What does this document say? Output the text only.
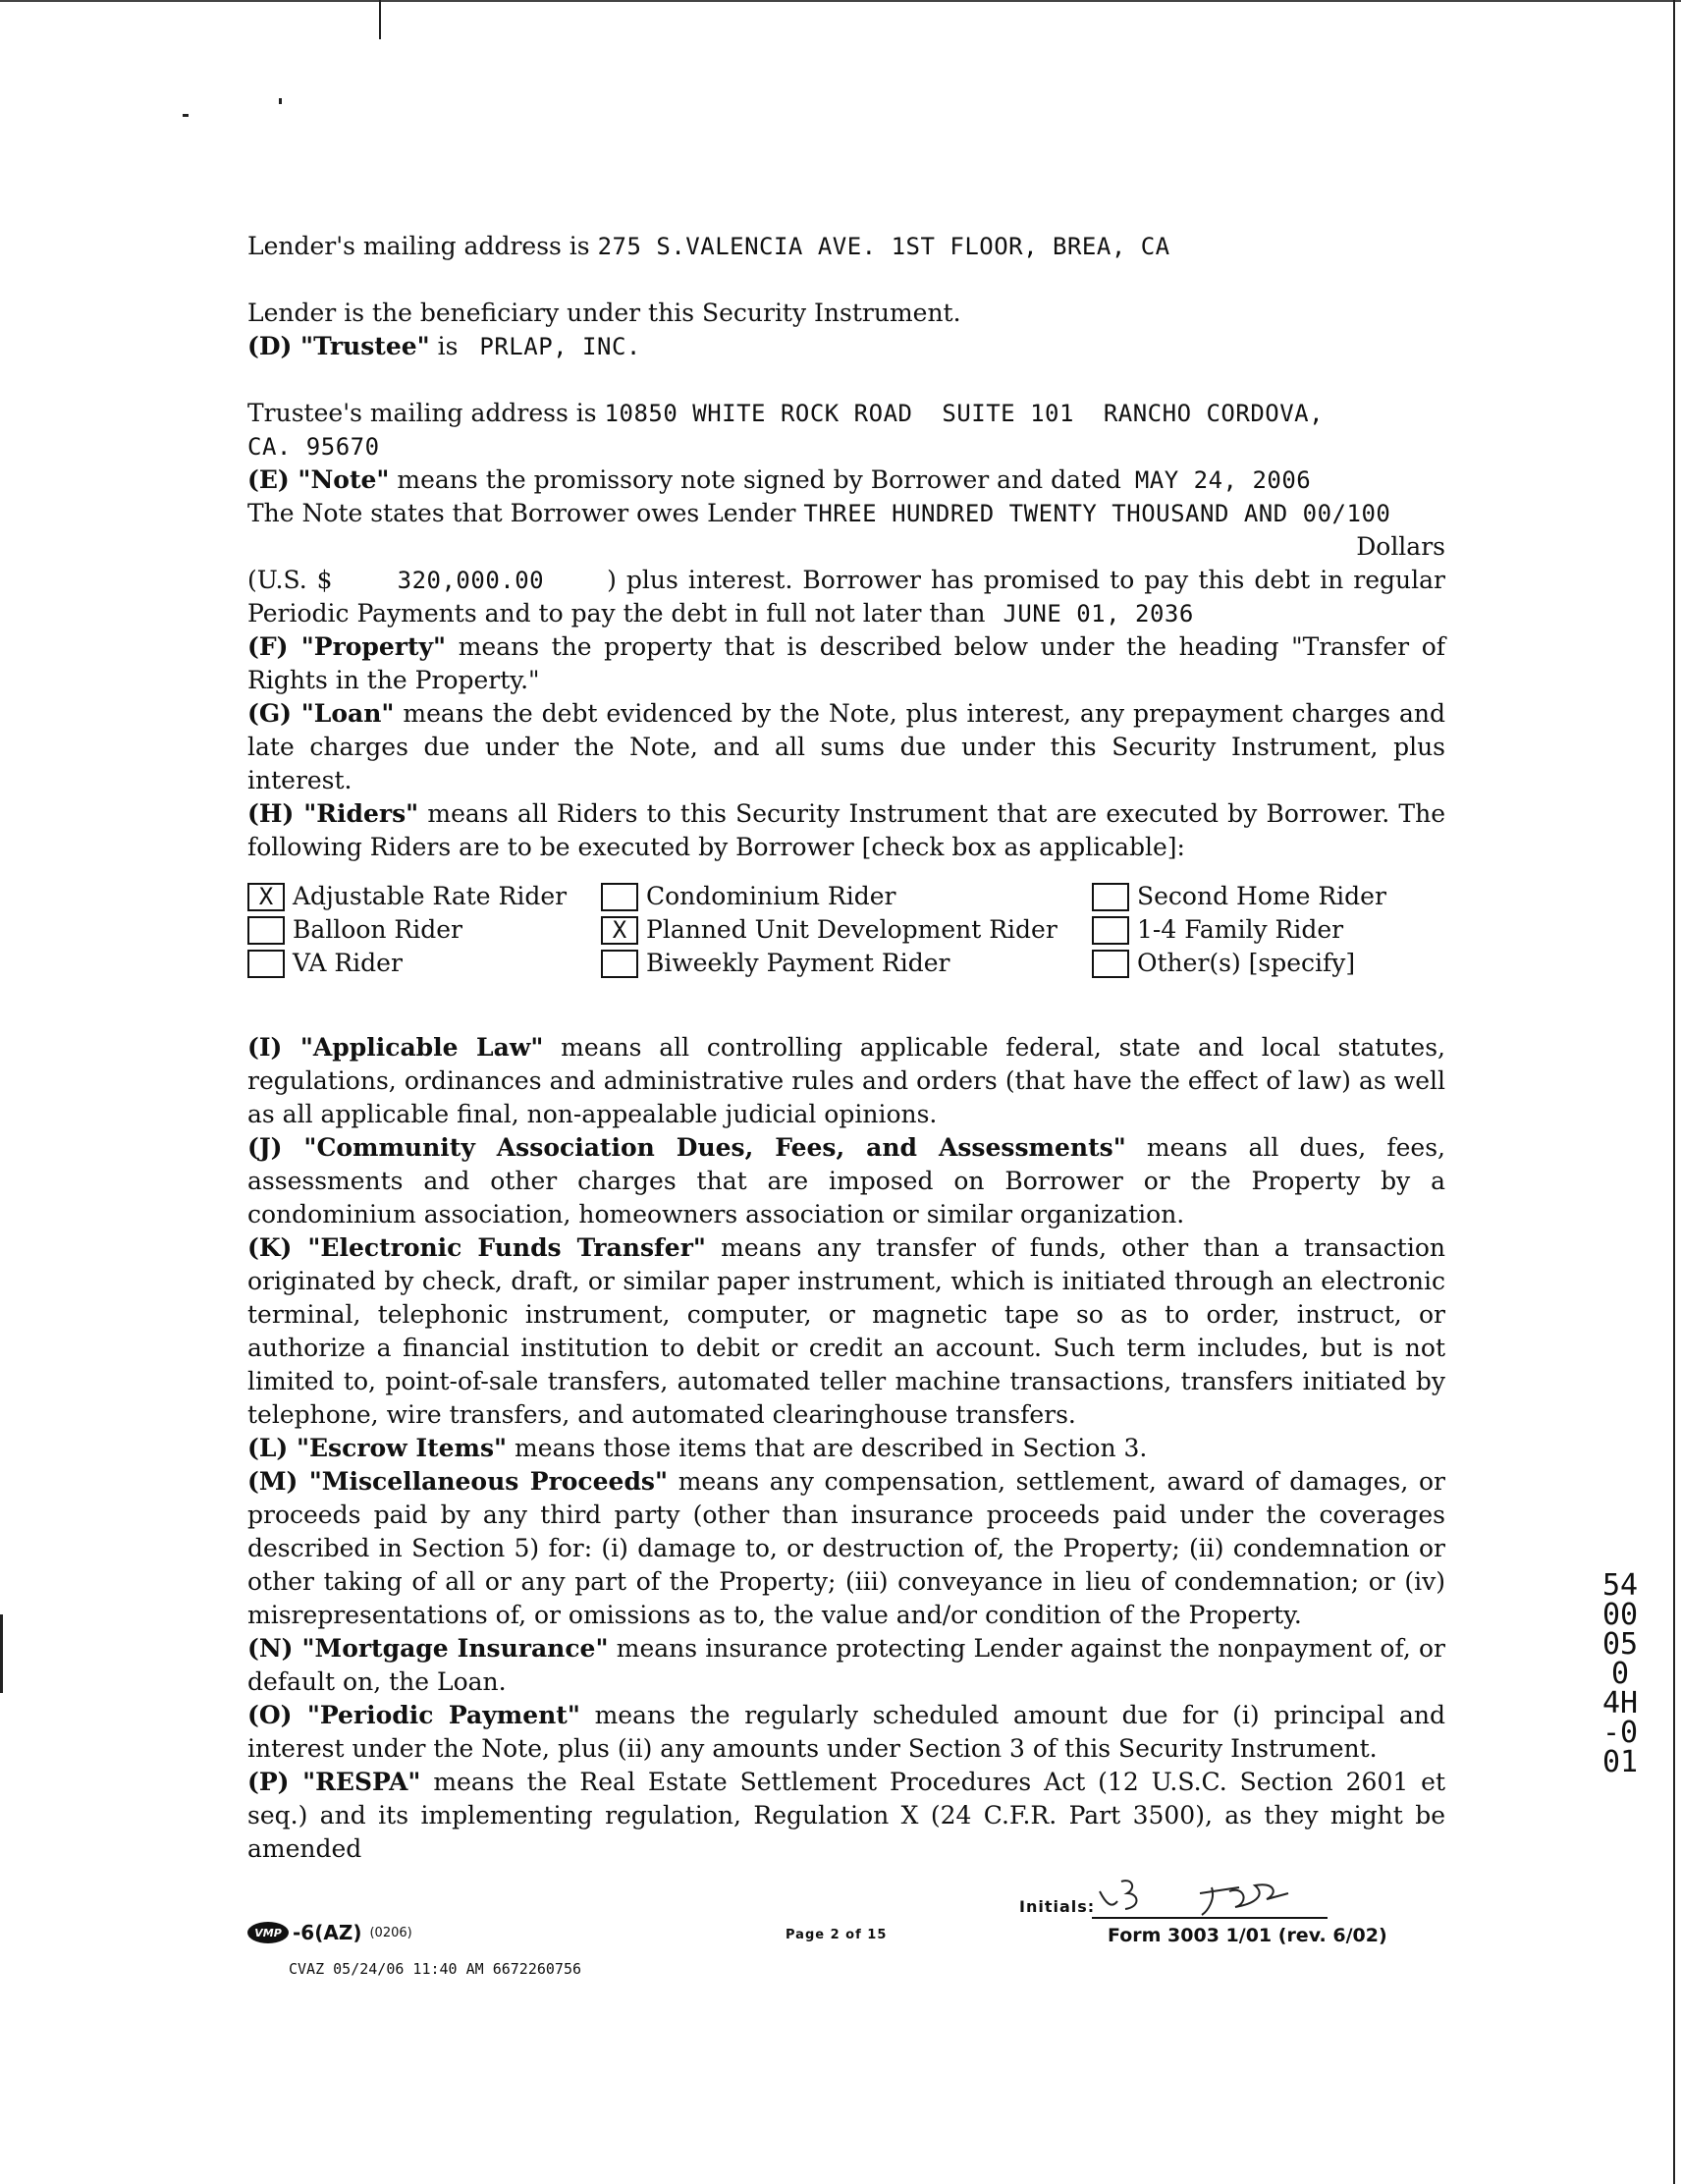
Lender's mailing address is 275 S.VALENCIA AVE. 1ST FLOOR, BREA, CA

Lender is the beneficiary under this Security Instrument.

(D) "Trustee" is PRLAP, INC.

Trustee's mailing address is 10850 WHITE ROCK ROAD  SUITE 101  RANCHO CORDOVA,

CA. 95670

(E) "Note" means the promissory note signed by Borrower and dated MAY 24, 2006

The Note states that Borrower owes Lender THREE HUNDRED TWENTY THOUSAND AND 00/100

Dollars

(U.S. $	320,000.00	) plus interest. Borrower has promised to pay this debt in regular Periodic Payments and to pay the debt in full not later than JUNE 01, 2036

(F) "Property" means the property that is described below under the heading "Transfer of Rights in the Property."

(G) "Loan" means the debt evidenced by the Note, plus interest, any prepayment charges and late charges due under the Note, and all sums due under this Security Instrument, plus interest.

(H) "Riders" means all Riders to this Security Instrument that are executed by Borrower. The following Riders are to be executed by Borrower [check box as applicable]:

X Adjustable Rate Rider	Condominium Rider	Second Home Rider
Balloon Rider	X Planned Unit Development Rider	1-4 Family Rider
VA Rider	Biweekly Payment Rider	Other(s) [specify]

(I) "Applicable Law" means all controlling applicable federal, state and local statutes, regulations, ordinances and administrative rules and orders (that have the effect of law) as well as all applicable final, non-appealable judicial opinions.

(J) "Community Association Dues, Fees, and Assessments" means all dues, fees, assessments and other charges that are imposed on Borrower or the Property by a condominium association, homeowners association or similar organization.

(K) "Electronic Funds Transfer" means any transfer of funds, other than a transaction originated by check, draft, or similar paper instrument, which is initiated through an electronic terminal, telephonic instrument, computer, or magnetic tape so as to order, instruct, or authorize a financial institution to debit or credit an account. Such term includes, but is not limited to, point-of-sale transfers, automated teller machine transactions, transfers initiated by telephone, wire transfers, and automated clearinghouse transfers.

(L) "Escrow Items" means those items that are described in Section 3.

(M) "Miscellaneous Proceeds" means any compensation, settlement, award of damages, or proceeds paid by any third party (other than insurance proceeds paid under the coverages described in Section 5) for: (i) damage to, or destruction of, the Property; (ii) condemnation or other taking of all or any part of the Property; (iii) conveyance in lieu of condemnation; or (iv) misrepresentations of, or omissions as to, the value and/or condition of the Property.

(N) "Mortgage Insurance" means insurance protecting Lender against the nonpayment of, or default on, the Loan.

(O) "Periodic Payment" means the regularly scheduled amount due for (i) principal and interest under the Note, plus (ii) any amounts under Section 3 of this Security Instrument.

(P) "RESPA" means the Real Estate Settlement Procedures Act (12 U.S.C. Section 2601 et seq.) and its implementing regulation, Regulation X (24 C.F.R. Part 3500), as they might be amended

VMP -6(AZ) (0206)
CVAZ 05/24/06 11:40 AM 6672260756
Page 2 of 15
Initials:
Form 3003 1/01 (rev. 6/02)
5400050 4H-001
